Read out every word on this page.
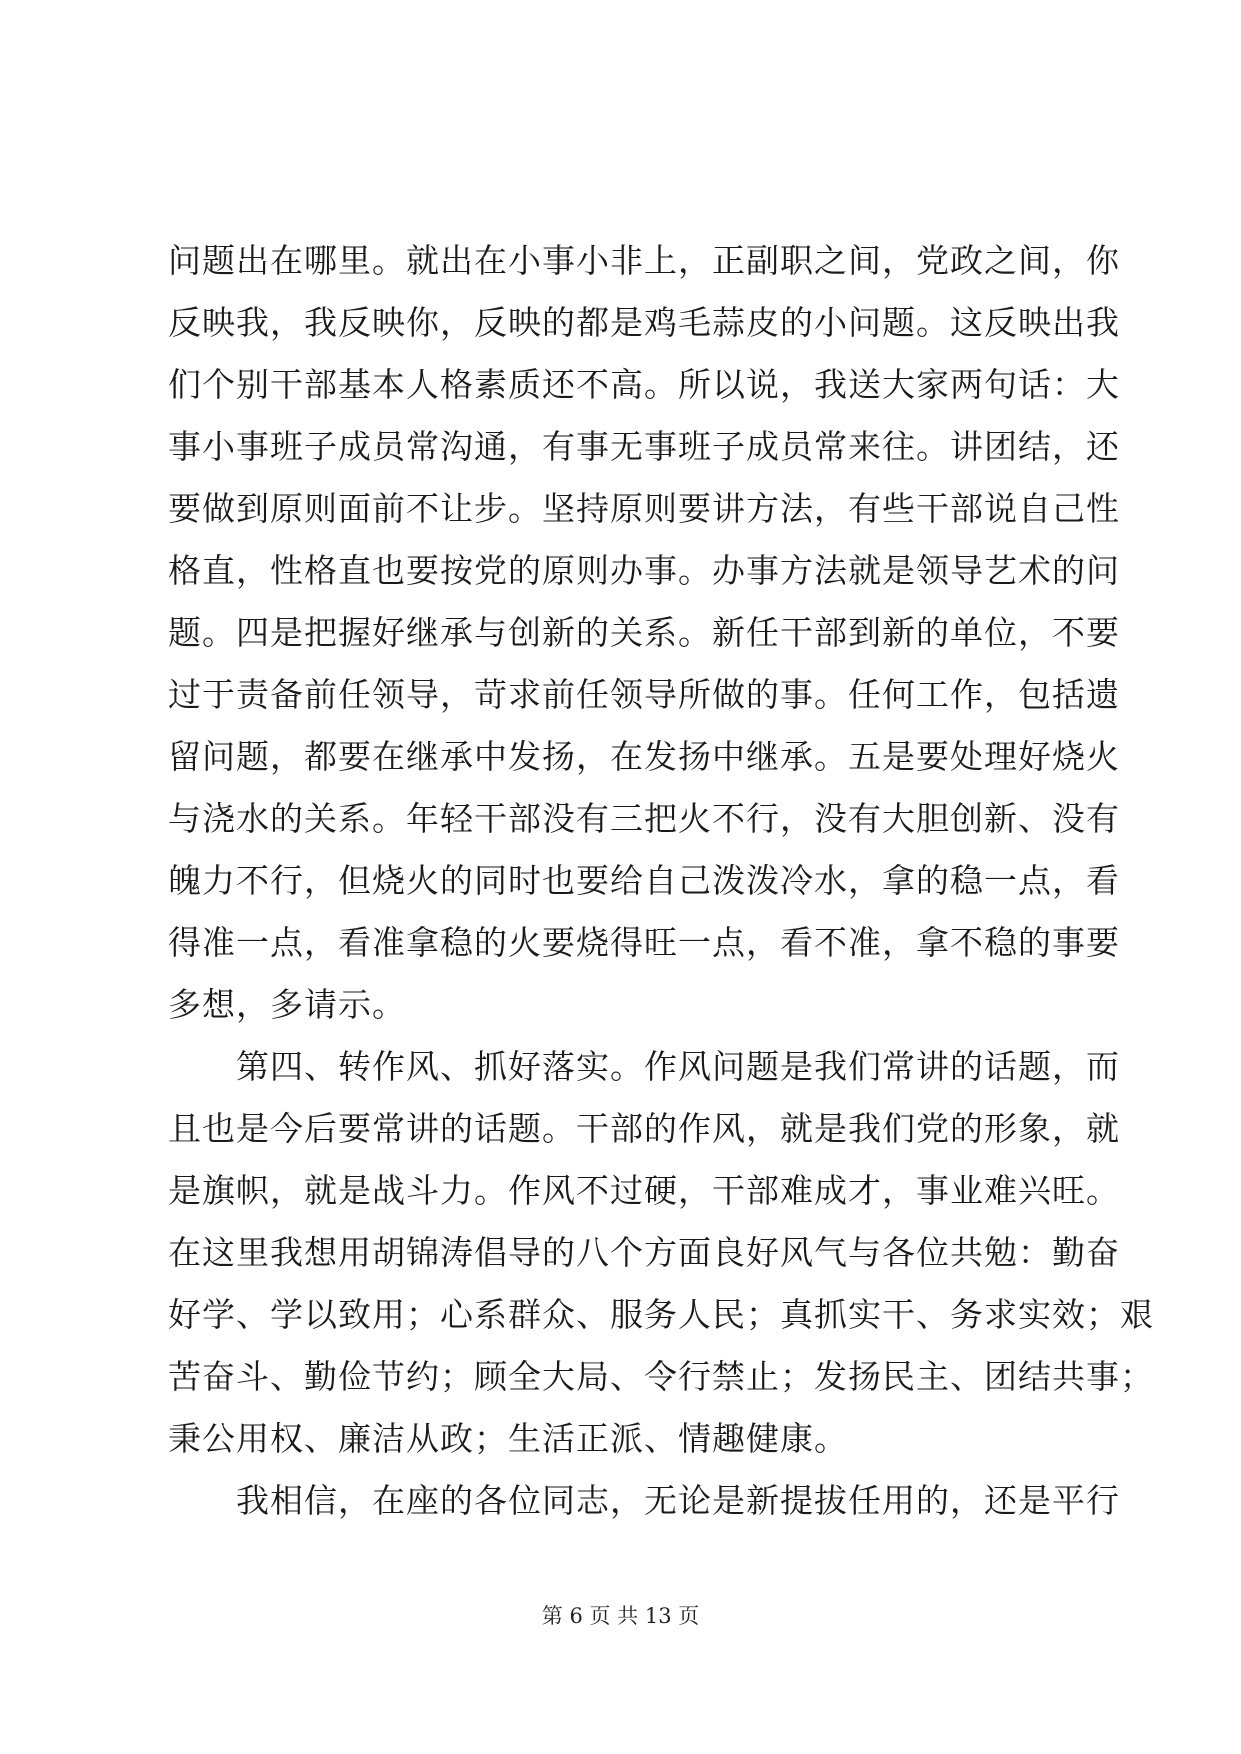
问题出在哪里。就出在小事小非上，正副职之间，党政之间，你
反映我，我反映你，反映的都是鸡毛蒜皮的小问题。这反映出我
们个别干部基本人格素质还不高。所以说，我送大家两句话：大
事小事班子成员常沟通，有事无事班子成员常来往。讲团结，还
要做到原则面前不让步。坚持原则要讲方法，有些干部说自己性
格直，性格直也要按党的原则办事。办事方法就是领导艺术的问
题。四是把握好继承与创新的关系。新任干部到新的单位，不要
过于责备前任领导，苛求前任领导所做的事。任何工作，包括遗
留问题，都要在继承中发扬，在发扬中继承。五是要处理好烧火
与浇水的关系。年轻干部没有三把火不行，没有大胆创新、没有
魄力不行，但烧火的同时也要给自己泼泼冷水，拿的稳一点，看
得准一点，看准拿稳的火要烧得旺一点，看不准，拿不稳的事要
多想，多请示。
　　第四、转作风、抓好落实。作风问题是我们常讲的话题，而
且也是今后要常讲的话题。干部的作风，就是我们党的形象，就
是旗帜，就是战斗力。作风不过硬，干部难成才，事业难兴旺。
在这里我想用胡锦涛倡导的八个方面良好风气与各位共勉：勤奋
好学、学以致用；心系群众、服务人民；真抓实干、务求实效；艰
苦奋斗、勤俭节约；顾全大局、令行禁止；发扬民主、团结共事；
秉公用权、廉洁从政；生活正派、情趣健康。
　　我相信，在座的各位同志，无论是新提拔任用的，还是平行
第 6 页 共 13 页
